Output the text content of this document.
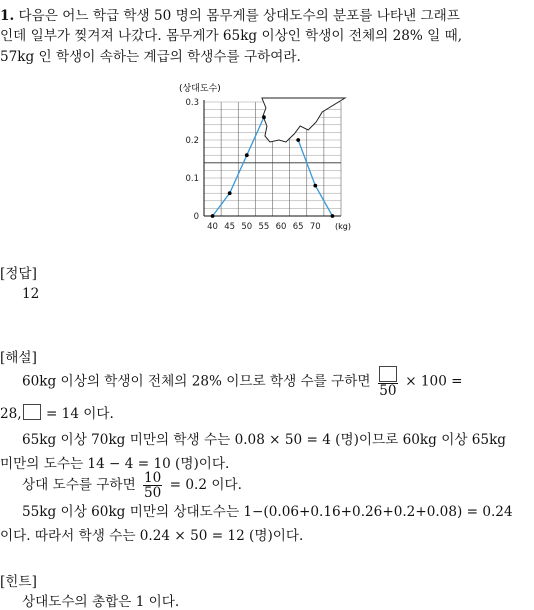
1. 다음은 어느 학급 학생 50 명의 몸무게를 상대도수의 분포를 나타낸 그래프
인데 일부가 찢겨져 나갔다. 몸무게가 65kg 이상인 학생이 전체의 28% 일 때,
57kg 인 학생이 속하는 계급의 학생수를 구하여라.
0
0.1
0.2
0.3
40 45 50 55 60 65 70
(상대도수)
(kg)
[정답]
12
[해설]
60kg 이상의 학생이 전체의 28% 이므로 학생 수를 구하면
50
× 100 =
28, = 14 이다.
65kg 이상 70kg 미만의 학생 수는 0.08 × 50 = 4 (명)이므로 60kg 이상 65kg
미만의 도수는 14 − 4 = 10 (명)이다.
상대 도수를 구하면 $\frac{10}{50} = 0.2$ 이다.
55kg 이상 60kg 미만의 상대도수는 1−(0.06+0.16+0.26+0.2+0.08) = 0.24
이다. 따라서 학생 수는 0.24 × 50 = 12 (명)이다.
[힌트]
상대도수의 총합은 1 이다.
